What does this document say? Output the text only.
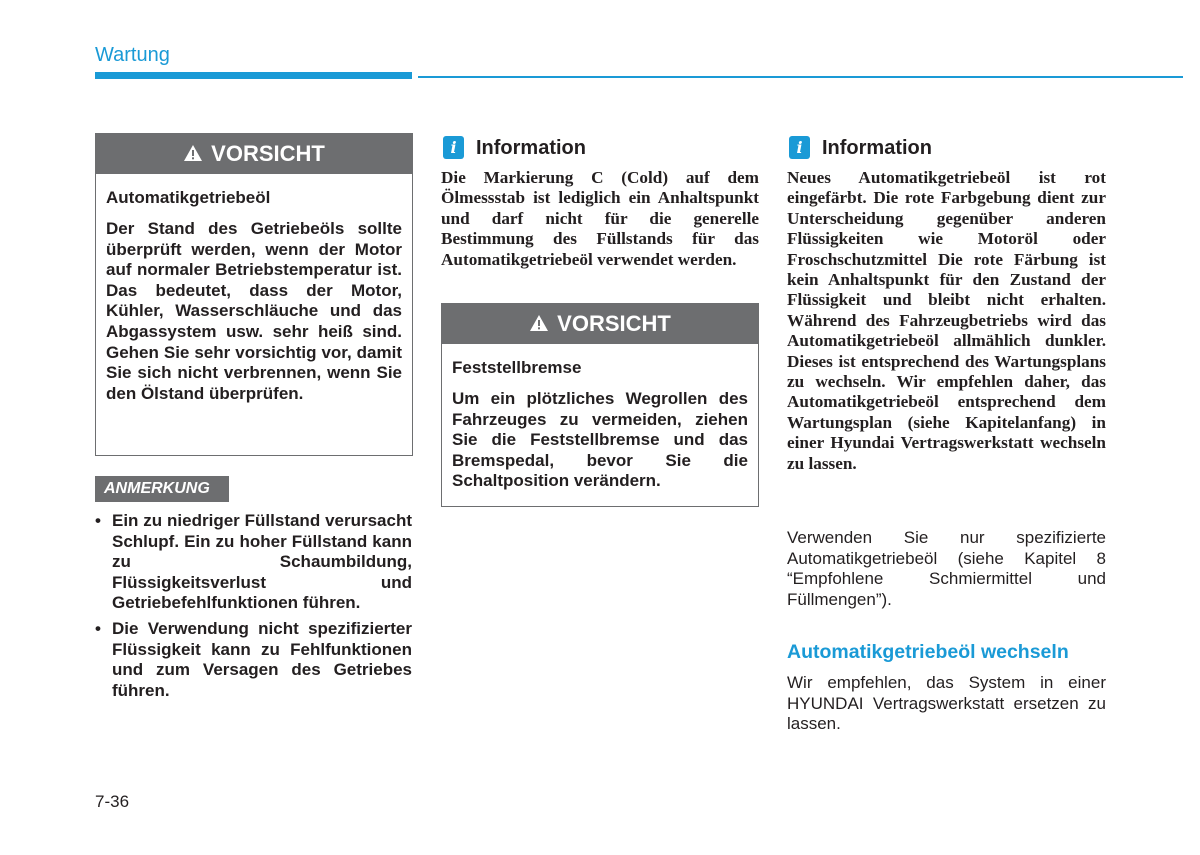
Wartung
VORSICHT
Automatikgetriebeöl
Der Stand des Getriebeöls sollte überprüft werden, wenn der Motor auf normaler Betriebstemperatur ist. Das bedeutet, dass der Motor, Kühler, Wasserschläuche und das Abgassystem usw. sehr heiß sind. Gehen Sie sehr vorsichtig vor, damit Sie sich nicht verbrennen, wenn Sie den Ölstand überprüfen.
ANMERKUNG
• Ein zu niedriger Füllstand verursacht Schlupf. Ein zu hoher Füllstand kann zu Schaumbildung, Flüssigkeitsverlust und Getriebefehlfunktionen führen.
• Die Verwendung nicht spezifizierter Flüssigkeit kann zu Fehlfunktionen und zum Versagen des Getriebes führen.
i Information
Die Markierung C (Cold) auf dem Ölmessstab ist lediglich ein Anhaltspunkt und darf nicht für die generelle Bestimmung des Füllstands für das Automatikgetriebeöl verwendet werden.
VORSICHT
Feststellbremse
Um ein plötzliches Wegrollen des Fahrzeuges zu vermeiden, ziehen Sie die Feststellbremse und das Bremspedal, bevor Sie die Schaltposition verändern.
i Information
Neues Automatikgetriebeöl ist rot eingefärbt. Die rote Farbgebung dient zur Unterscheidung gegenüber anderen Flüssigkeiten wie Motoröl oder Froschschutzmittel Die rote Färbung ist kein Anhaltspunkt für den Zustand der Flüssigkeit und bleibt nicht erhalten. Während des Fahrzeugbetriebs wird das Automatikgetriebeöl allmählich dunkler. Dieses ist entsprechend des Wartungsplans zu wechseln. Wir empfehlen daher, das Automatikgetriebeöl entsprechend dem Wartungsplan (siehe Kapitelanfang) in einer Hyundai Vertragswerkstatt wechseln zu lassen.
Verwenden Sie nur spezifizierte Automatikgetriebeöl (siehe Kapitel 8 “Empfohlene Schmiermittel und Füllmengen”).
Automatikgetriebeöl wechseln
Wir empfehlen, das System in einer HYUNDAI Vertragswerkstatt ersetzen zu lassen.
7-36
